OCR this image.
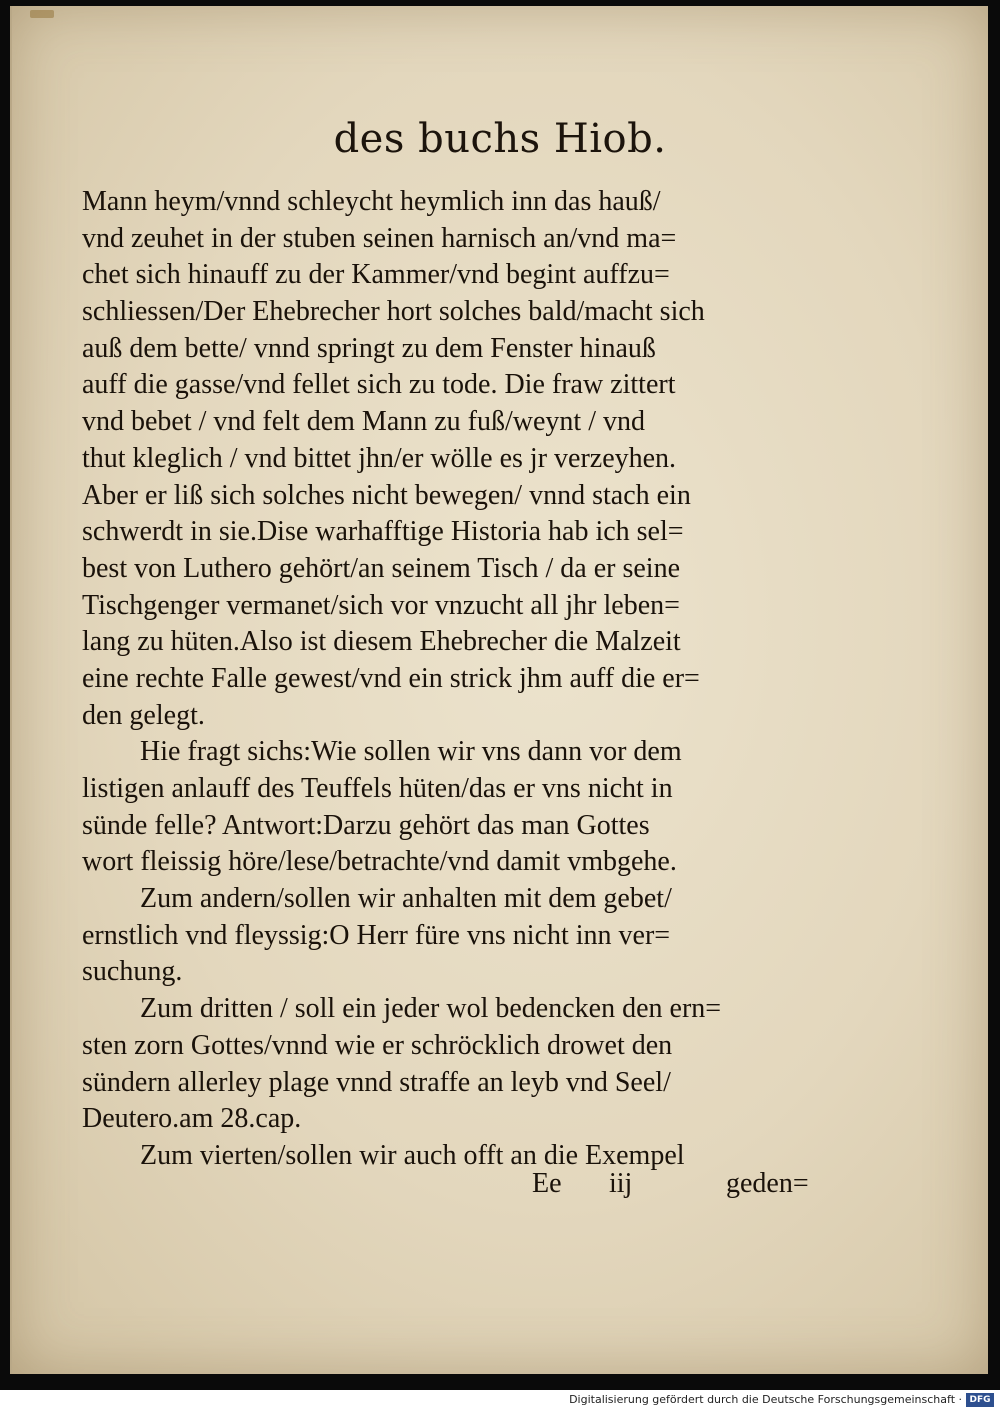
des buchs Hiob.
Mann heym/vnnd schleycht heymlich inn das hauß/
vnd zeuhet in der stuben seinen harnisch an/vnd ma=
chet sich hinauff zu der Kammer/vnd begint auffzu=
schliessen/Der Ehebrecher hort solches bald/macht sich
auß dem bette/ vnnd springt zu dem Fenster hinauß
auff die gasse/vnd fellet sich zu tode. Die fraw zittert
vnd bebet / vnd felt dem Mann zu fuß/weynt / vnd
thut kleglich / vnd bittet jhn/er wölle es jr verzeyhen.
Aber er liß sich solches nicht bewegen/ vnnd stach ein
schwerdt in sie.Dise warhafftige Historia hab ich sel=
best von Luthero gehört/an seinem Tisch / da er seine
Tischgenger vermanet/sich vor vnzucht all jhr leben=
lang zu hüten.Also ist diesem Ehebrecher die Malzeit
eine rechte Falle gewest/vnd ein strick jhm auff die er=
den gelegt.
Hie fragt sichs:Wie sollen wir vns dann vor dem
listigen anlauff des Teuffels hüten/das er vns nicht in
sünde felle? Antwort:Darzu gehört das man Gottes
wort fleissig höre/lese/betrachte/vnd damit vmbgehe.
Zum andern/sollen wir anhalten mit dem gebet/
ernstlich vnd fleyssig:O Herr füre vns nicht inn ver=
suchung.
Zum dritten / soll ein jeder wol bedencken den ern=
sten zorn Gottes/vnnd wie er schröcklich drowet den
sündern allerley plage vnnd straffe an leyb vnd Seel/
Deutero.am 28.cap.
Zum vierten/sollen wir auch offt an die Exempel
Ee iij	geden=
Digitalisierung gefördert durch die Deutsche Forschungsgemeinschaft · DFG
